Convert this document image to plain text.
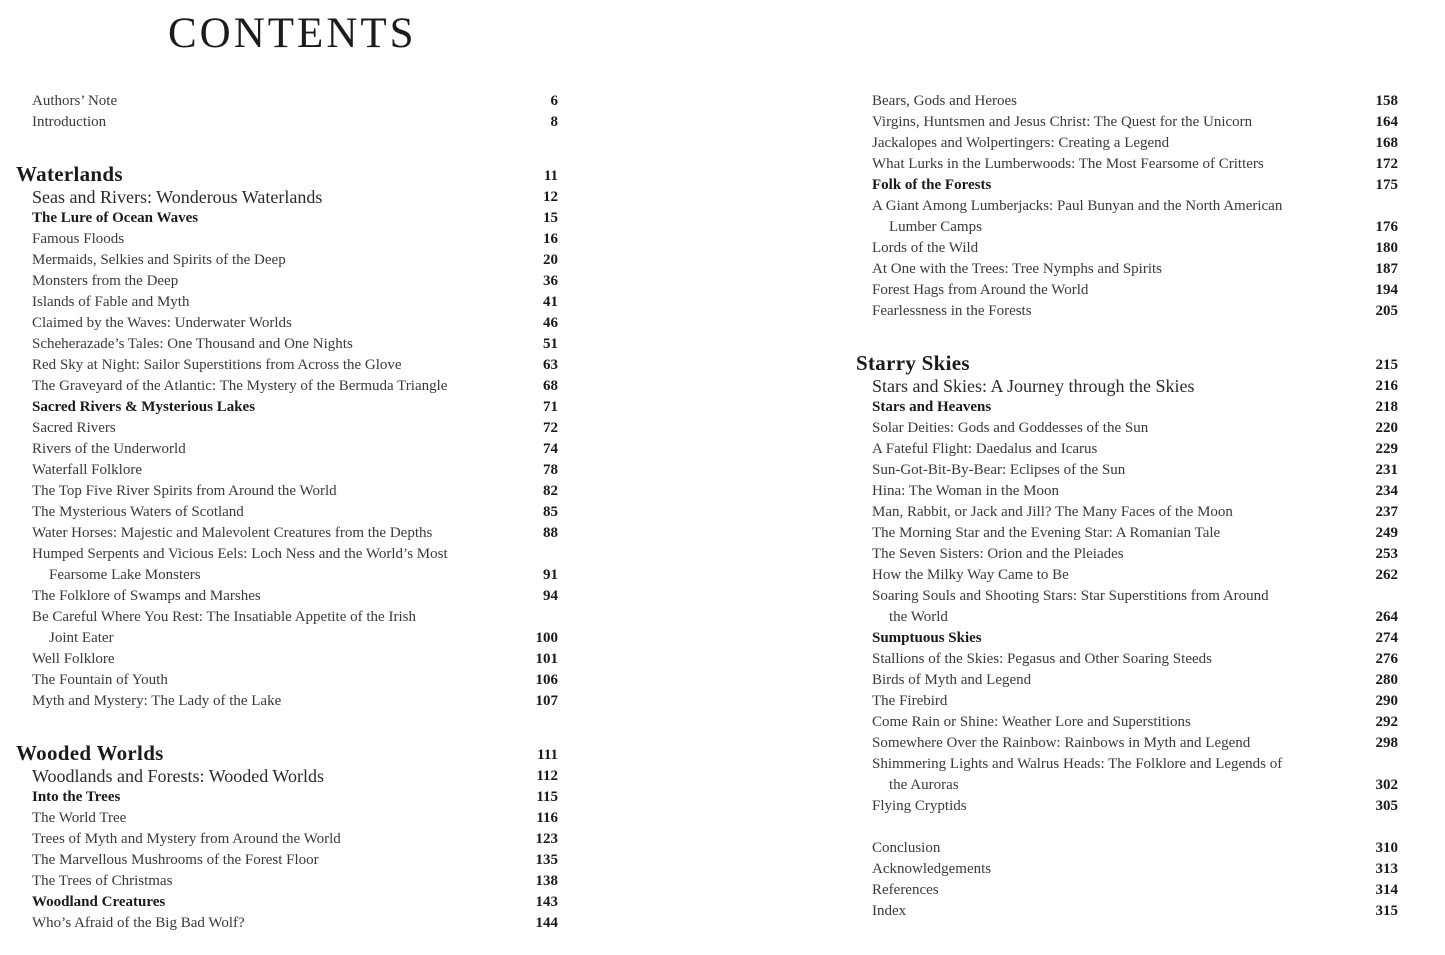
CONTENTS
Authors’ Note	6
Introduction	8
Waterlands	11
Seas and Rivers: Wonderous Waterlands	12
The Lure of Ocean Waves	15
Famous Floods	16
Mermaids, Selkies and Spirits of the Deep	20
Monsters from the Deep	36
Islands of Fable and Myth	41
Claimed by the Waves: Underwater Worlds	46
Scheherazade’s Tales: One Thousand and One Nights	51
Red Sky at Night: Sailor Superstitions from Across the Glove	63
The Graveyard of the Atlantic: The Mystery of the Bermuda Triangle	68
Sacred Rivers & Mysterious Lakes	71
Sacred Rivers	72
Rivers of the Underworld	74
Waterfall Folklore	78
The Top Five River Spirits from Around the World	82
The Mysterious Waters of Scotland	85
Water Horses: Majestic and Malevolent Creatures from the Depths	88
Humped Serpents and Vicious Eels: Loch Ness and the World’s Most
Fearsome Lake Monsters	91
The Folklore of Swamps and Marshes	94
Be Careful Where You Rest: The Insatiable Appetite of the Irish
Joint Eater	100
Well Folklore	101
The Fountain of Youth	106
Myth and Mystery: The Lady of the Lake	107
Wooded Worlds	111
Woodlands and Forests: Wooded Worlds	112
Into the Trees	115
The World Tree	116
Trees of Myth and Mystery from Around the World	123
The Marvellous Mushrooms of the Forest Floor	135
The Trees of Christmas	138
Woodland Creatures	143
Who’s Afraid of the Big Bad Wolf?	144
Bears, Gods and Heroes	158
Virgins, Huntsmen and Jesus Christ: The Quest for the Unicorn	164
Jackalopes and Wolpertingers: Creating a Legend	168
What Lurks in the Lumberwoods: The Most Fearsome of Critters	172
Folk of the Forests	175
A Giant Among Lumberjacks: Paul Bunyan and the North American
Lumber Camps	176
Lords of the Wild	180
At One with the Trees: Tree Nymphs and Spirits	187
Forest Hags from Around the World	194
Fearlessness in the Forests	205
Starry Skies	215
Stars and Skies: A Journey through the Skies	216
Stars and Heavens	218
Solar Deities: Gods and Goddesses of the Sun	220
A Fateful Flight: Daedalus and Icarus	229
Sun-Got-Bit-By-Bear: Eclipses of the Sun	231
Hina: The Woman in the Moon	234
Man, Rabbit, or Jack and Jill? The Many Faces of the Moon	237
The Morning Star and the Evening Star: A Romanian Tale	249
The Seven Sisters: Orion and the Pleiades	253
How the Milky Way Came to Be	262
Soaring Souls and Shooting Stars: Star Superstitions from Around
the World	264
Sumptuous Skies	274
Stallions of the Skies: Pegasus and Other Soaring Steeds	276
Birds of Myth and Legend	280
The Firebird	290
Come Rain or Shine: Weather Lore and Superstitions	292
Somewhere Over the Rainbow: Rainbows in Myth and Legend	298
Shimmering Lights and Walrus Heads: The Folklore and Legends of
the Auroras	302
Flying Cryptids	305
Conclusion	310
Acknowledgements	313
References	314
Index	315
